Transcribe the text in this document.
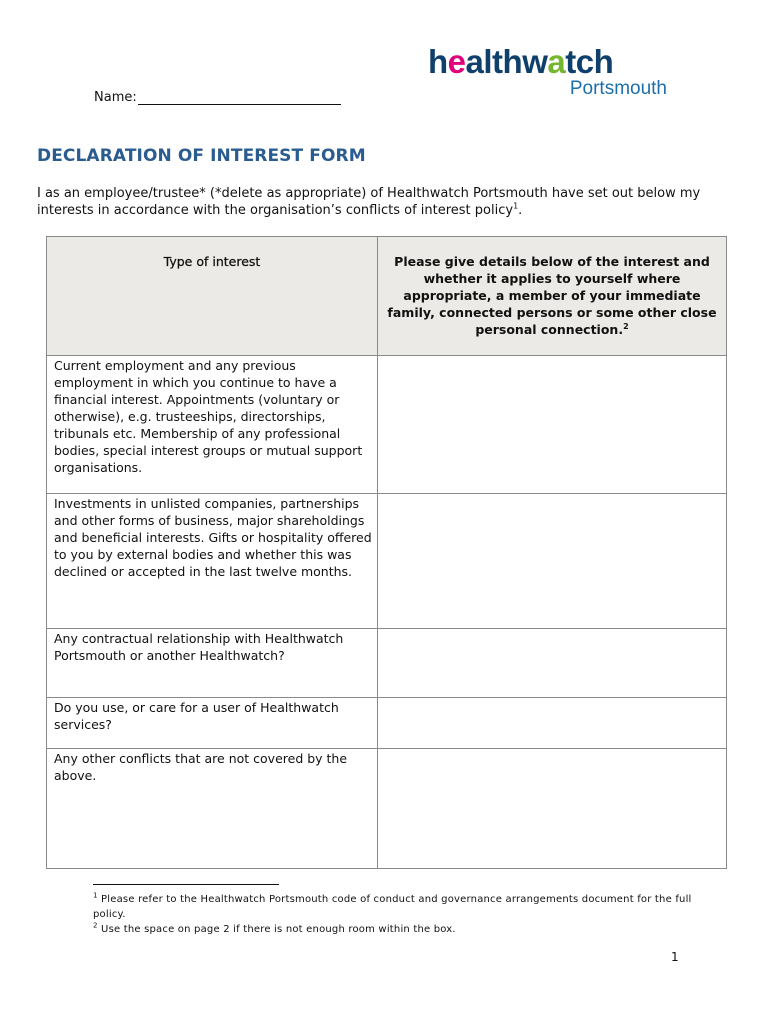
healthwatch
Portsmouth
Name:
DECLARATION OF INTEREST FORM
I as an employee/trustee* (*delete as appropriate) of Healthwatch Portsmouth have set out below my interests in accordance with the organisation’s conflicts of interest policy$^1$.
Type of interest	Please give details below of the interest and whether it applies to yourself where appropriate, a member of your immediate family, connected persons or some other close personal connection.$^2$
Current employment and any previous employment in which you continue to have a financial interest. Appointments (voluntary or otherwise), e.g. trusteeships, directorships, tribunals etc. Membership of any professional bodies, special interest groups or mutual support organisations.	
Investments in unlisted companies, partnerships and other forms of business, major shareholdings and beneficial interests. Gifts or hospitality offered to you by external bodies and whether this was declined or accepted in the last twelve months.	
Any contractual relationship with Healthwatch Portsmouth or another Healthwatch?	
Do you use, or care for a user of Healthwatch services?	
Any other conflicts that are not covered by the above.	
$^1$ Please refer to the Healthwatch Portsmouth code of conduct and governance arrangements document for the full policy.
$^2$ Use the space on page 2 if there is not enough room within the box.
1
